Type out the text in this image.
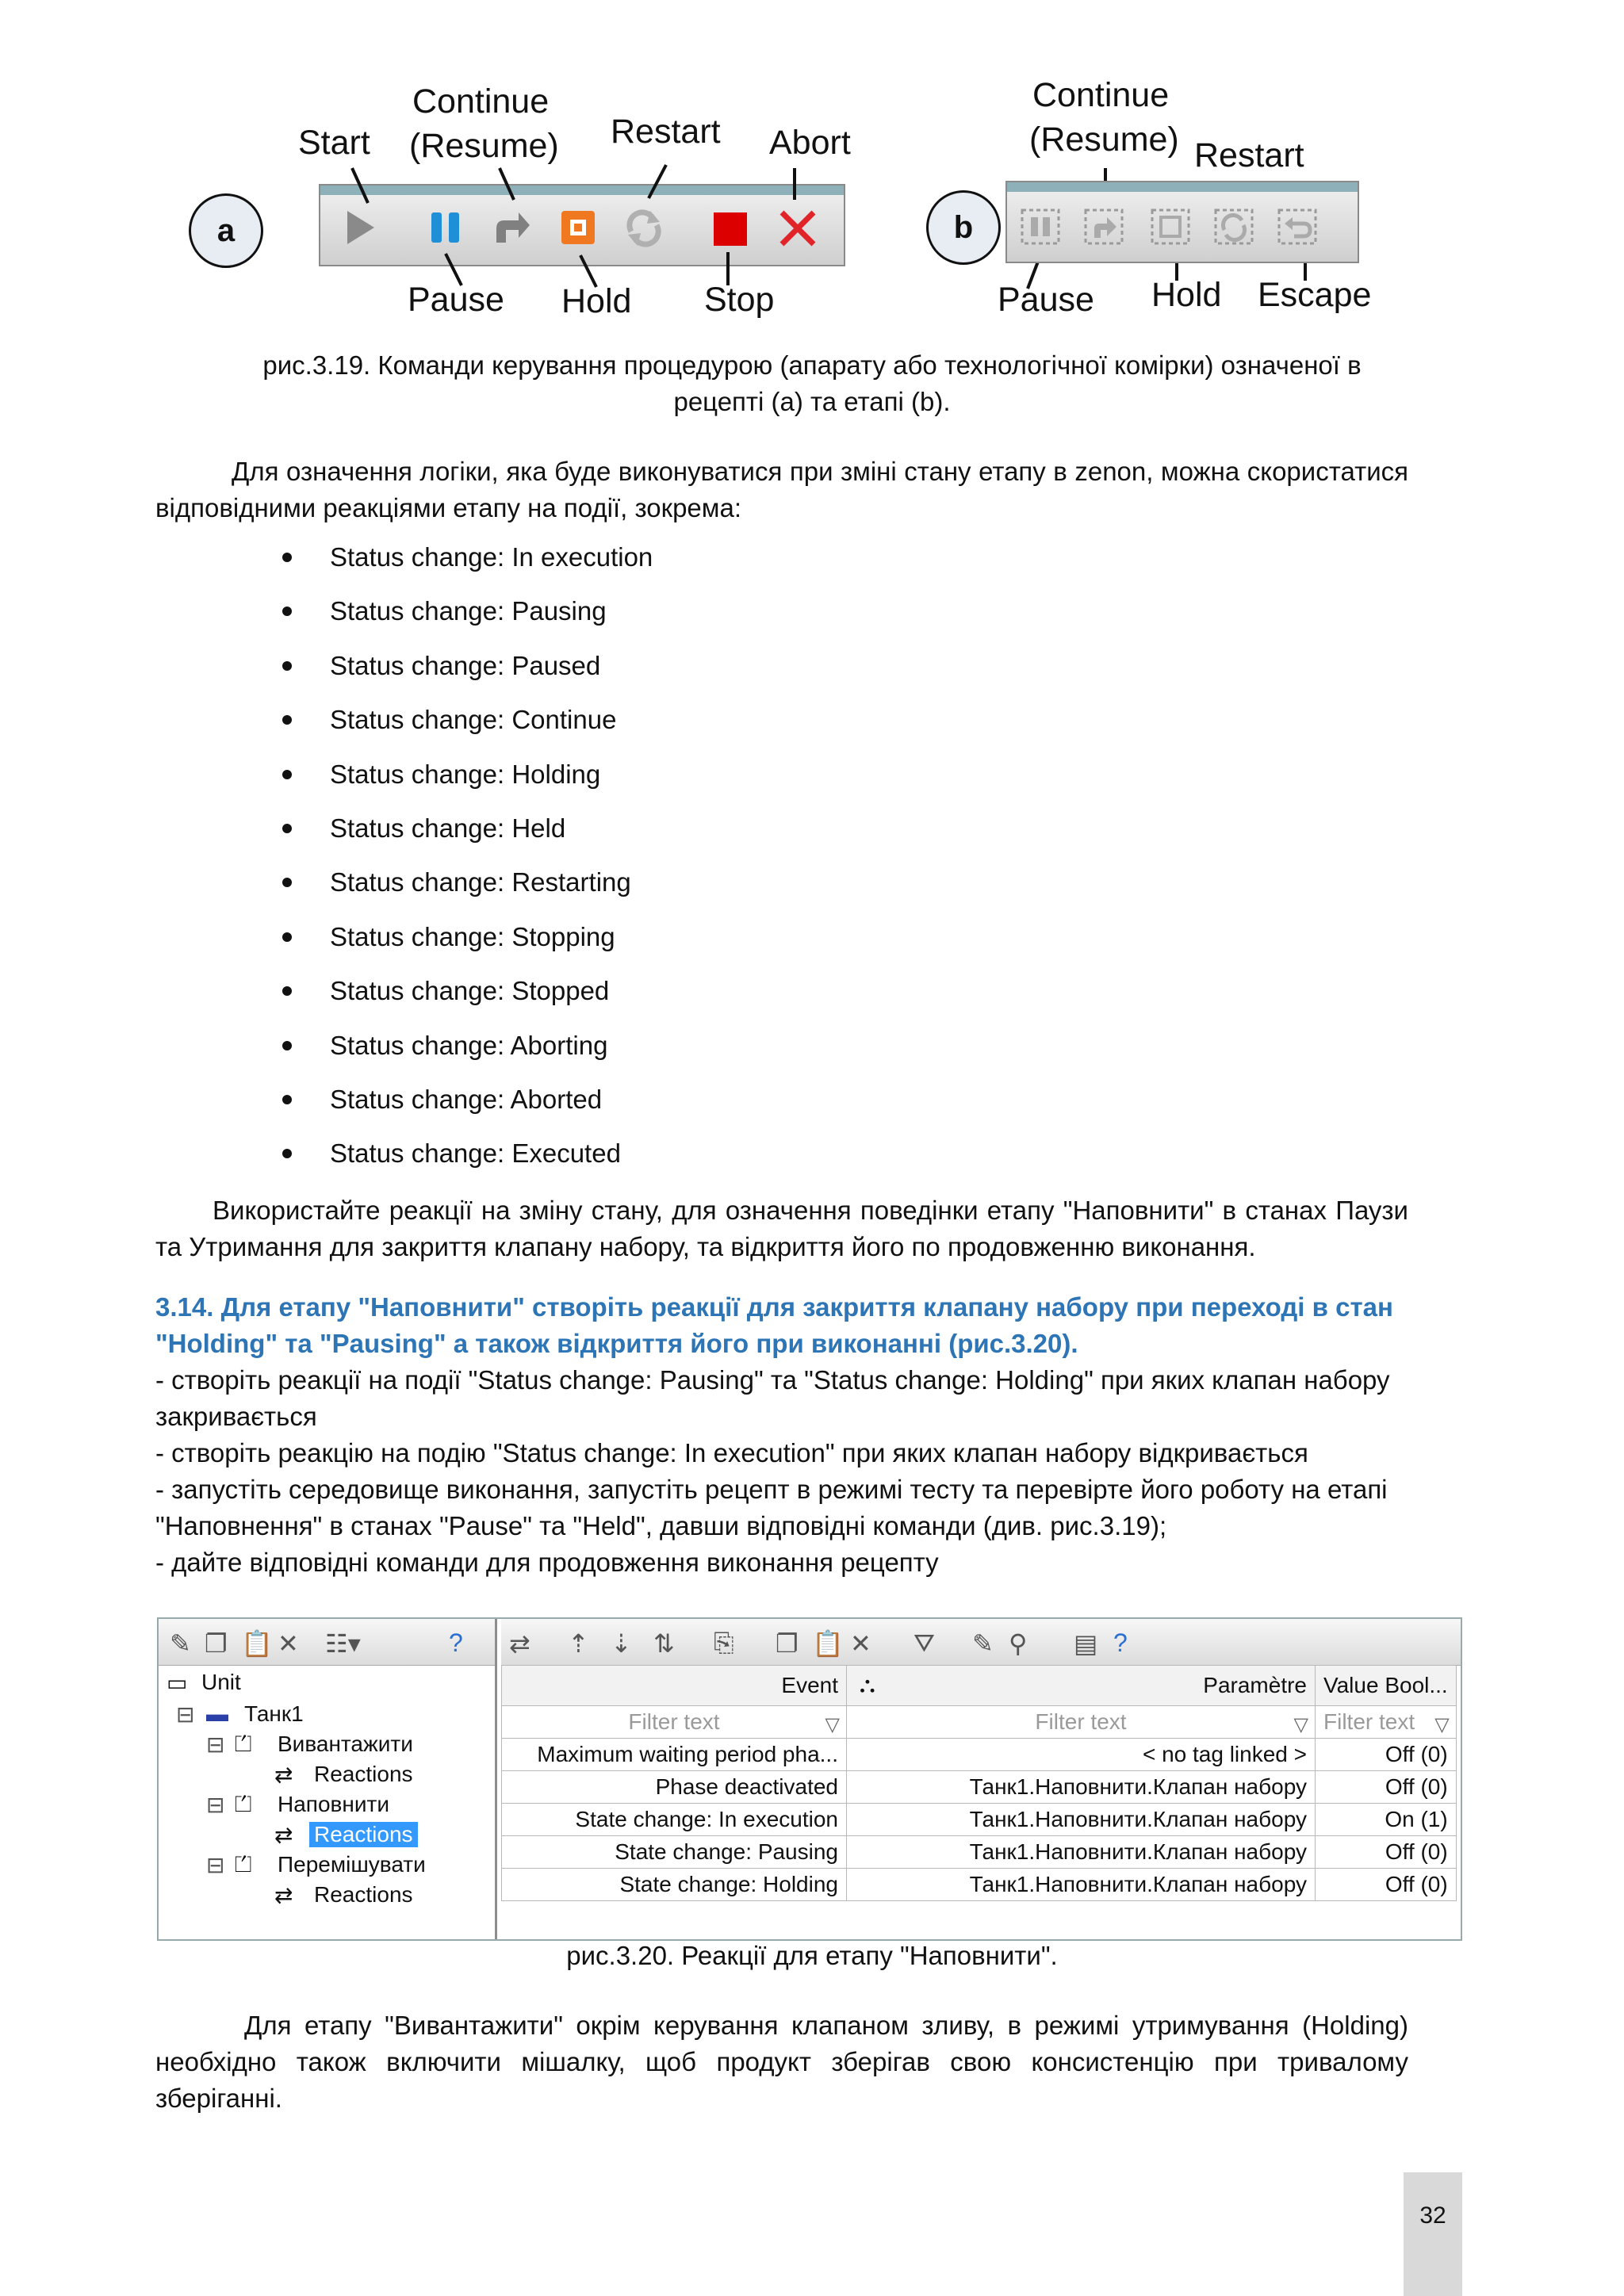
Start
Continue
(Resume) Restart Abort
a
Pause Hold Stop
Continue
(Resume) Restart
b
Pause Hold Escape
рис.3.19. Команди керування процедурою (апарату або технологічної комірки) означеної в
рецепті (а) та етапі (b).
Для означення логіки, яка буде виконуватися при зміні стану етапу в zenon, можна скористатися відповідними реакціями етапу на події, зокрема:
Status change: In execution
Status change: Pausing
Status change: Paused
Status change: Continue
Status change: Holding
Status change: Held
Status change: Restarting
Status change: Stopping
Status change: Stopped
Status change: Aborting
Status change: Aborted
Status change: Executed
Використайте реакції на зміну стану, для означення поведінки етапу "Наповнити" в станах Паузи та Утримання для закриття клапану набору, та відкриття його по продовженню виконання.
3.14. Для етапу "Наповнити" створіть реакції для закриття клапану набору при переході в стан "Holding" та "Pausing" а також відкриття його при виконанні (рис.3.20).
- створіть реакції на події "Status change: Pausing" та "Status change: Holding" при яких клапан набору закривається
- створіть реакцію на подію "Status change: In execution" при яких клапан набору відкривається
- запустіть середовище виконання, запустіть рецепт в режимі тесту та перевірте його роботу на етапі "Наповнення" в станах "Pause" та "Held", давши відповідні команди (див. рис.3.19);
- дайте відповідні команди для продовження виконання рецепту
✎ ❐ 📋 ✕ ☷▾	?
▭ Unit
⊟ ▬ Танк1
⊟ ⏍ Вивантажити
⇄ Reactions
⊟ ⏍ Наповнити
⇄ Reactions
⊟ ⏍ Перемішувати
⇄ Reactions
⇄ ⇡ ⇣ ⇅ ⎘ ❐ 📋 ✕ ⛛ ✎ ⚲ ▤ ?
Event	⛬ Paramètre	Value Bool...
Filter text ▽	Filter text ▽	Filter text ▽

Maximum waiting period pha...	< no tag linked >	Off (0)
Phase deactivated	Танк1.Наповнити.Клапан набору	Off (0)
State change: In execution	Танк1.Наповнити.Клапан набору	On (1)
State change: Pausing	Танк1.Наповнити.Клапан набору	Off (0)
State change: Holding	Танк1.Наповнити.Клапан набору	Off (0)
рис.3.20. Реакції для етапу "Наповнити".
Для етапу "Вивантажити" окрім керування клапаном зливу, в режимі утримування (Holding) необхідно також включити мішалку, щоб продукт зберігав свою консистенцію при тривалому зберіганні.
32
